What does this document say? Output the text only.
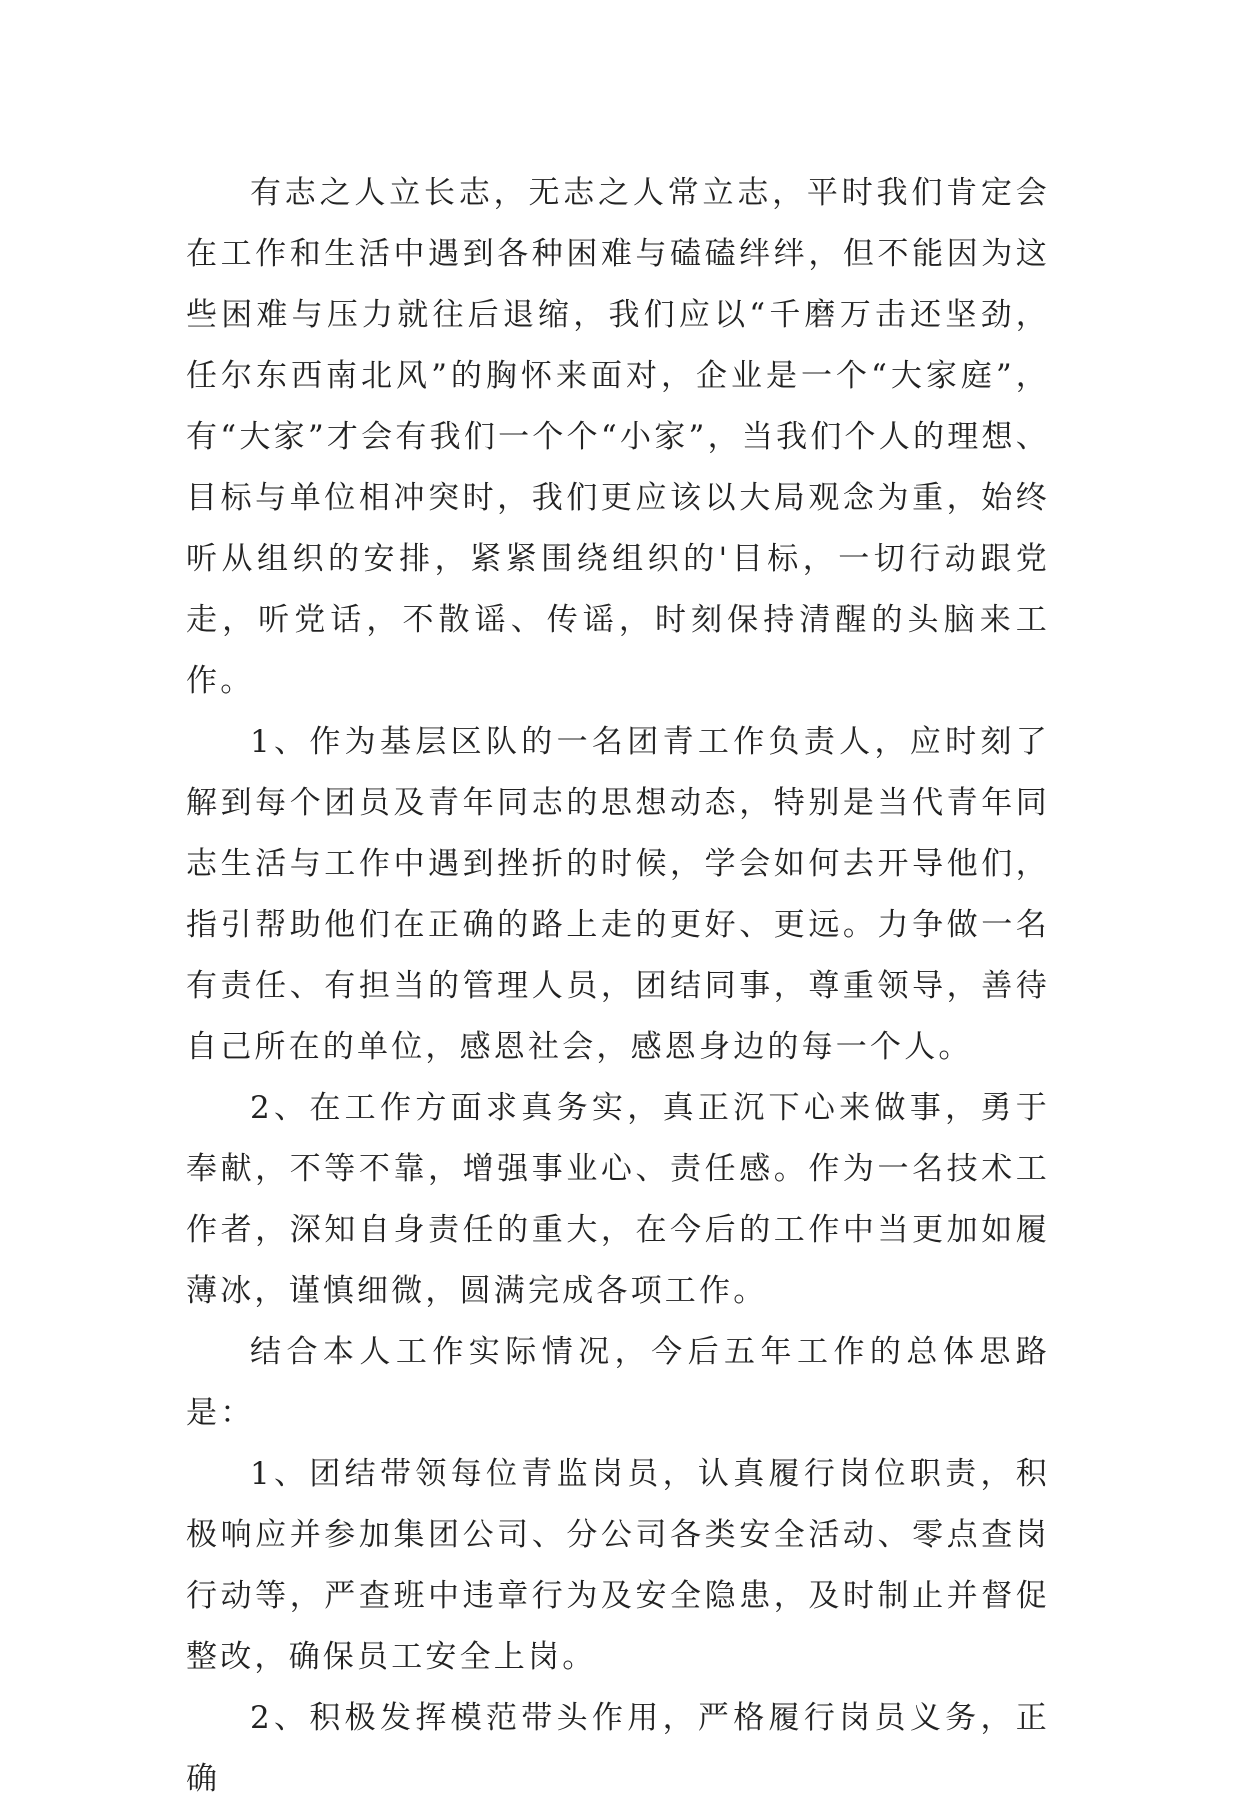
有志之人立长志，无志之人常立志，平时我们肯定会在工作和生活中遇到各种困难与磕磕绊绊，但不能因为这些困难与压力就往后退缩，我们应以“千磨万击还坚劲，任尔东西南北风”的胸怀来面对，企业是一个“大家庭”，有“大家”才会有我们一个个“小家”，当我们个人的理想、目标与单位相冲突时，我们更应该以大局观念为重，始终听从组织的安排，紧紧围绕组织的'目标，一切行动跟党走，听党话，不散谣、传谣，时刻保持清醒的头脑来工作。

1、作为基层区队的一名团青工作负责人，应时刻了解到每个团员及青年同志的思想动态，特别是当代青年同志生活与工作中遇到挫折的时候，学会如何去开导他们，指引帮助他们在正确的路上走的更好、更远。力争做一名有责任、有担当的管理人员，团结同事，尊重领导，善待自己所在的单位，感恩社会，感恩身边的每一个人。

2、在工作方面求真务实，真正沉下心来做事，勇于奉献，不等不靠，增强事业心、责任感。作为一名技术工作者，深知自身责任的重大，在今后的工作中当更加如履薄冰，谨慎细微，圆满完成各项工作。

结合本人工作实际情况，今后五年工作的总体思路是：

1、团结带领每位青监岗员，认真履行岗位职责，积极响应并参加集团公司、分公司各类安全活动、零点查岗行动等，严查班中违章行为及安全隐患，及时制止并督促整改，确保员工安全上岗。

2、积极发挥模范带头作用，严格履行岗员义务，正确
